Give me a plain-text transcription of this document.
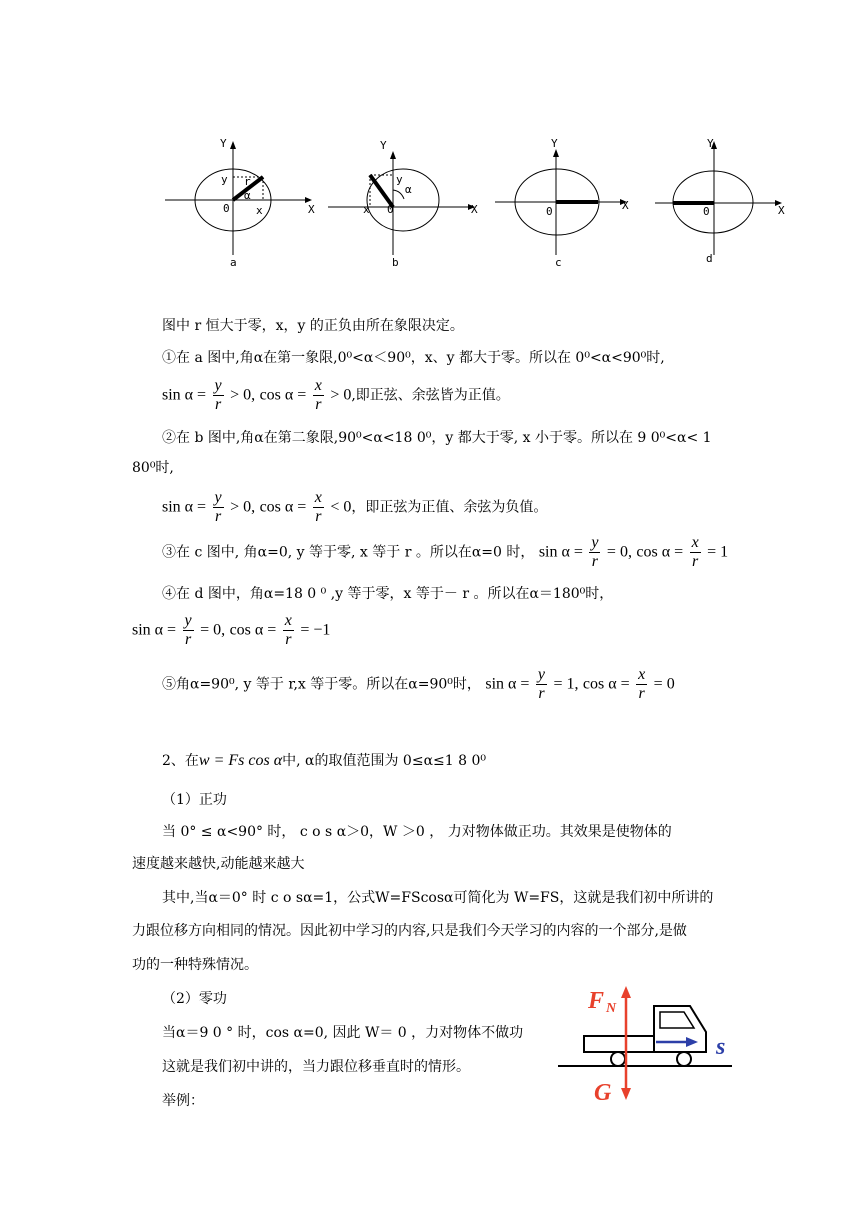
Y
X
0
y r
α
x
a
Y
X
0
y
α
x
b
Y
X
0
c
Y
X
0
d
图中 r 恒大于零，x，y 的正负由所在象限决定。
①在 a 图中,角α在第一象限,0⁰<α＜90⁰，x、y 都大于零。所以在 0⁰<α<90⁰时,
$\sin \alpha = \frac{y}{r} > 0$, $\cos \alpha = \frac{x}{r} > 0$,即正弦、余弦皆为正值。
②在 b 图中,角α在第二象限,90⁰<α<18 0⁰，y 都大于零, x 小于零。所以在 9 0⁰<α< 1
80⁰时,
$\sin \alpha = \frac{y}{r} > 0$, $\cos \alpha = \frac{x}{r} < 0$，即正弦为正值、余弦为负值。
③在 c 图中, 角α=0, y 等于零, x 等于 r 。所以在α=0 时， $\sin \alpha = \frac{y}{r} = 0$, $\cos \alpha = \frac{x}{r} = 1$
④在 d 图中，角α=18 0 ⁰ ,y 等于零，x 等于－ r 。所以在α＝180⁰时，
$\sin \alpha = \frac{y}{r} = 0$, $\cos \alpha = \frac{x}{r} = -1$
⑤角α=90⁰, y 等于 r,x 等于零。所以在α=90⁰时， $\sin \alpha = \frac{y}{r} = 1$, $\cos \alpha = \frac{x}{r} = 0$
2、在w = Fs cos α中, α的取值范围为 0≤α≤1 8 0⁰
（1）正功
当 0° ≤ α<90° 时， c o s α＞0，W ＞0 ， 力对物体做正功。其效果是使物体的
速度越来越快,动能越来越大
其中,当α＝0° 时 c o sα=1，公式W=FScosα可简化为 W=FS，这就是我们初中所讲的
力跟位移方向相同的情况。因此初中学习的内容,只是我们今天学习的内容的一个部分,是做
功的一种特殊情况。
（2）零功
当α＝9 0 ° 时，cos α=0, 因此 W＝ 0 ，力对物体不做功
这就是我们初中讲的，当力跟位移垂直时的情形。
举例：
F N
G
s
